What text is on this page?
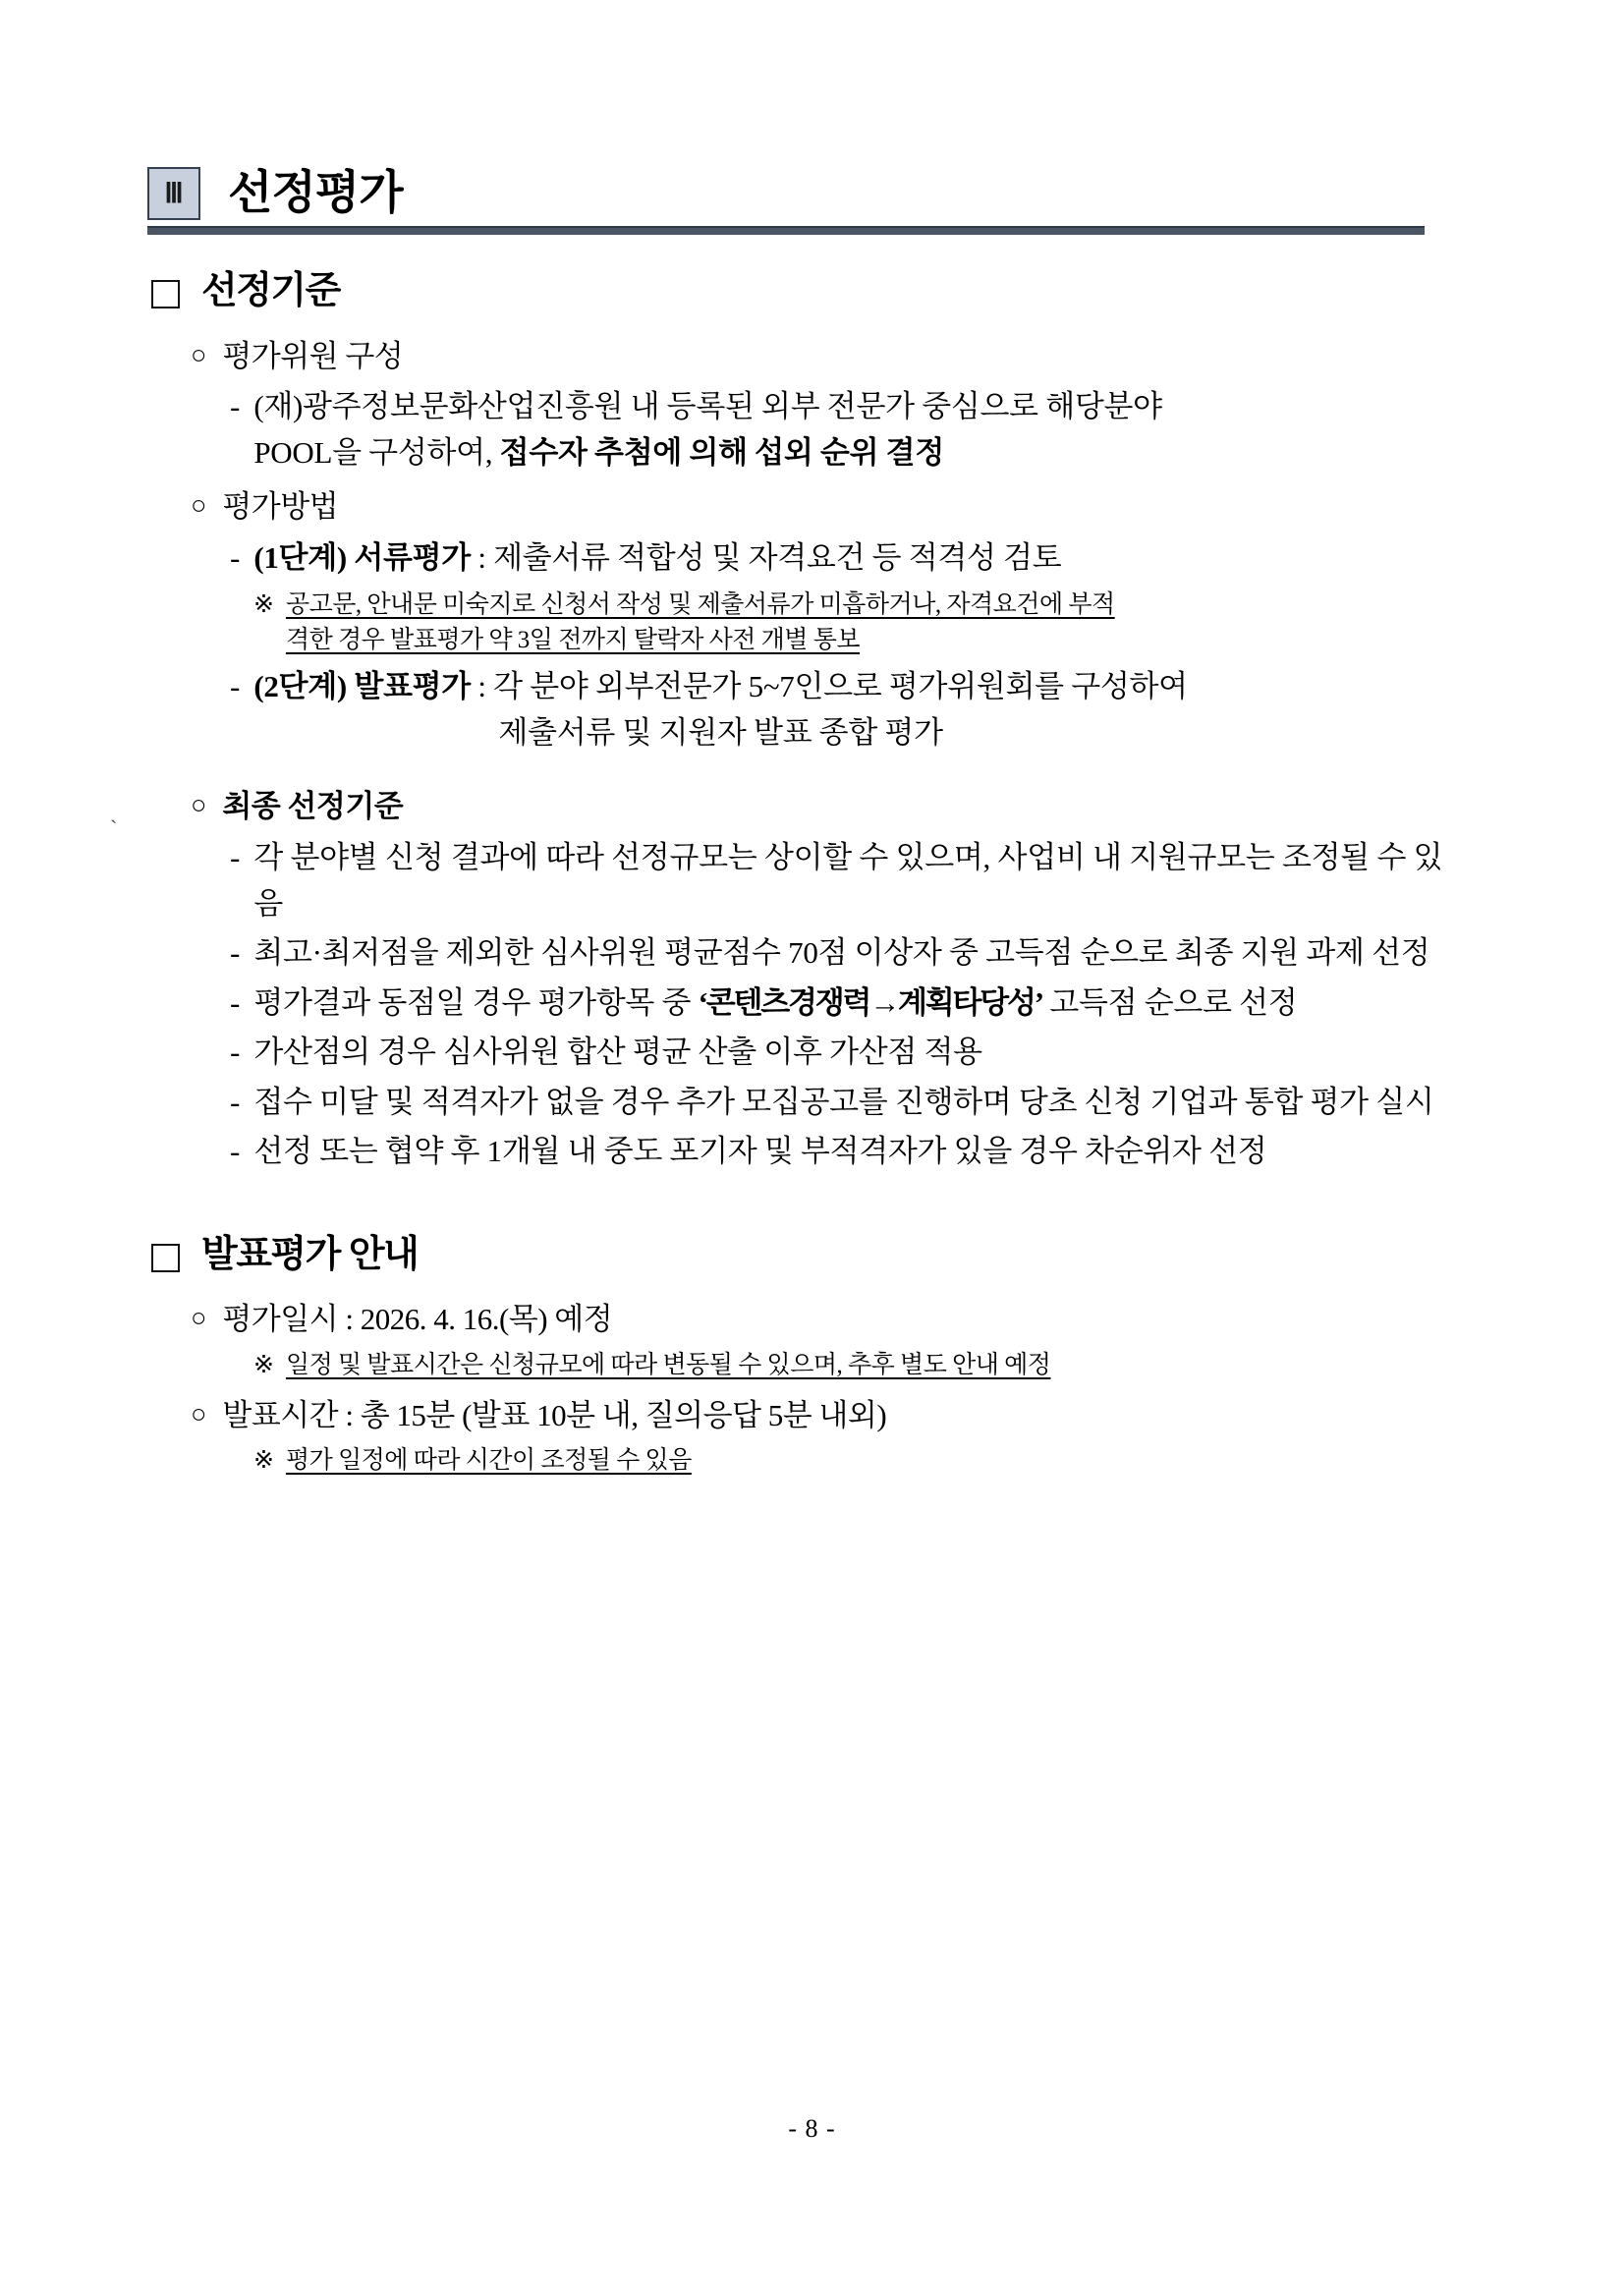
Ⅲ 선정평가
선정기준
○ 평가위원 구성
- (재)광주정보문화산업진흥원 내 등록된 외부 전문가 중심으로 해당분야
POOL을 구성하여, 접수자 추첨에 의해 섭외 순위 결정
○ 평가방법
- (1단계) 서류평가 : 제출서류 적합성 및 자격요건 등 적격성 검토
※ 공고문, 안내문 미숙지로 신청서 작성 및 제출서류가 미흡하거나, 자격요건에 부적
격한 경우 발표평가 약 3일 전까지 탈락자 사전 개별 통보
- (2단계) 발표평가 : 각 분야 외부전문가 5~7인으로 평가위원회를 구성하여
제출서류 및 지원자 발표 종합 평가
○ 최종 선정기준
- 각 분야별 신청 결과에 따라 선정규모는 상이할 수 있으며, 사업비 내 지원규모는 조정될 수 있음
- 최고·최저점을 제외한 심사위원 평균점수 70점 이상자 중 고득점 순으로 최종 지원 과제 선정
- 평가결과 동점일 경우 평가항목 중 ‘콘텐츠경쟁력→계획타당성’ 고득점 순으로 선정
- 가산점의 경우 심사위원 합산 평균 산출 이후 가산점 적용
- 접수 미달 및 적격자가 없을 경우 추가 모집공고를 진행하며 당초 신청 기업과 통합 평가 실시
- 선정 또는 협약 후 1개월 내 중도 포기자 및 부적격자가 있을 경우 차순위자 선정
발표평가 안내
○ 평가일시 : 2026. 4. 16.(목) 예정
※ 일정 및 발표시간은 신청규모에 따라 변동될 수 있으며, 추후 별도 안내 예정
○ 발표시간 : 총 15분 (발표 10분 내, 질의응답 5분 내외)
※ 평가 일정에 따라 시간이 조정될 수 있음
ˋ
- 8 -
